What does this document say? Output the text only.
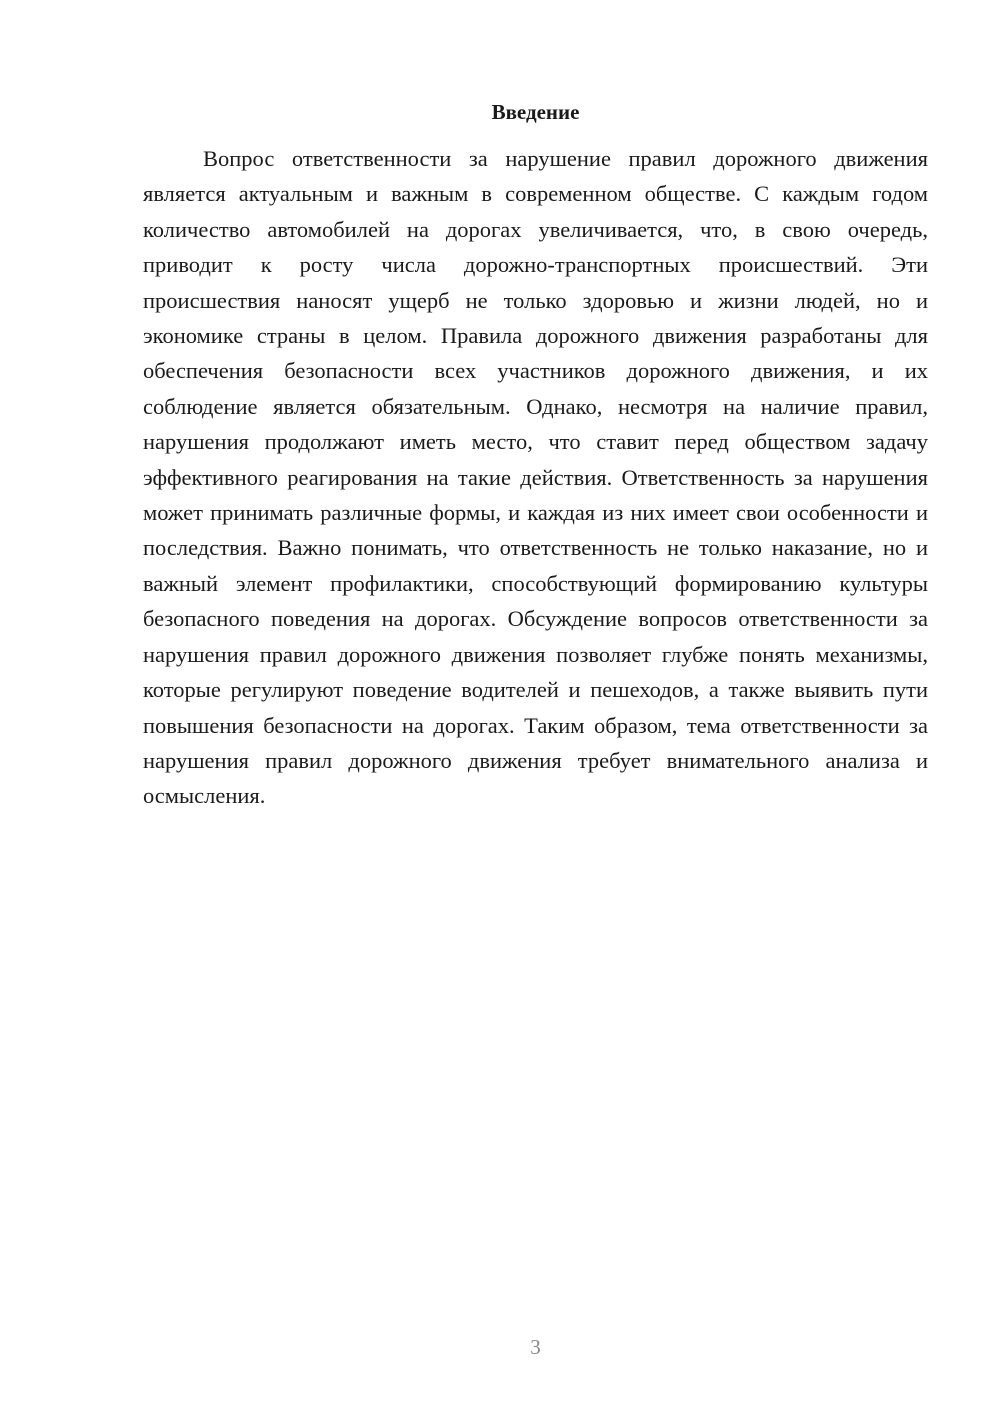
Введение

Вопрос ответственности за нарушение правил дорожного движения является актуальным и важным в современном обществе. С каждым годом количество автомобилей на дорогах увеличивается, что, в свою очередь, приводит к росту числа дорожно-транспортных происшествий. Эти происшествия наносят ущерб не только здоровью и жизни людей, но и экономике страны в целом. Правила дорожного движения разработаны для обеспечения безопасности всех участников дорожного движения, и их соблюдение является обязательным. Однако, несмотря на наличие правил, нарушения продолжают иметь место, что ставит перед обществом задачу эффективного реагирования на такие действия. Ответственность за нарушения может принимать различные формы, и каждая из них имеет свои особенности и последствия. Важно понимать, что ответственность не только наказание, но и важный элемент профилактики, способствующий формированию культуры безопасного поведения на дорогах. Обсуждение вопросов ответственности за нарушения правил дорожного движения позволяет глубже понять механизмы, которые регулируют поведение водителей и пешеходов, а также выявить пути повышения безопасности на дорогах. Таким образом, тема ответственности за нарушения правил дорожного движения требует внимательного анализа и осмысления.

3
